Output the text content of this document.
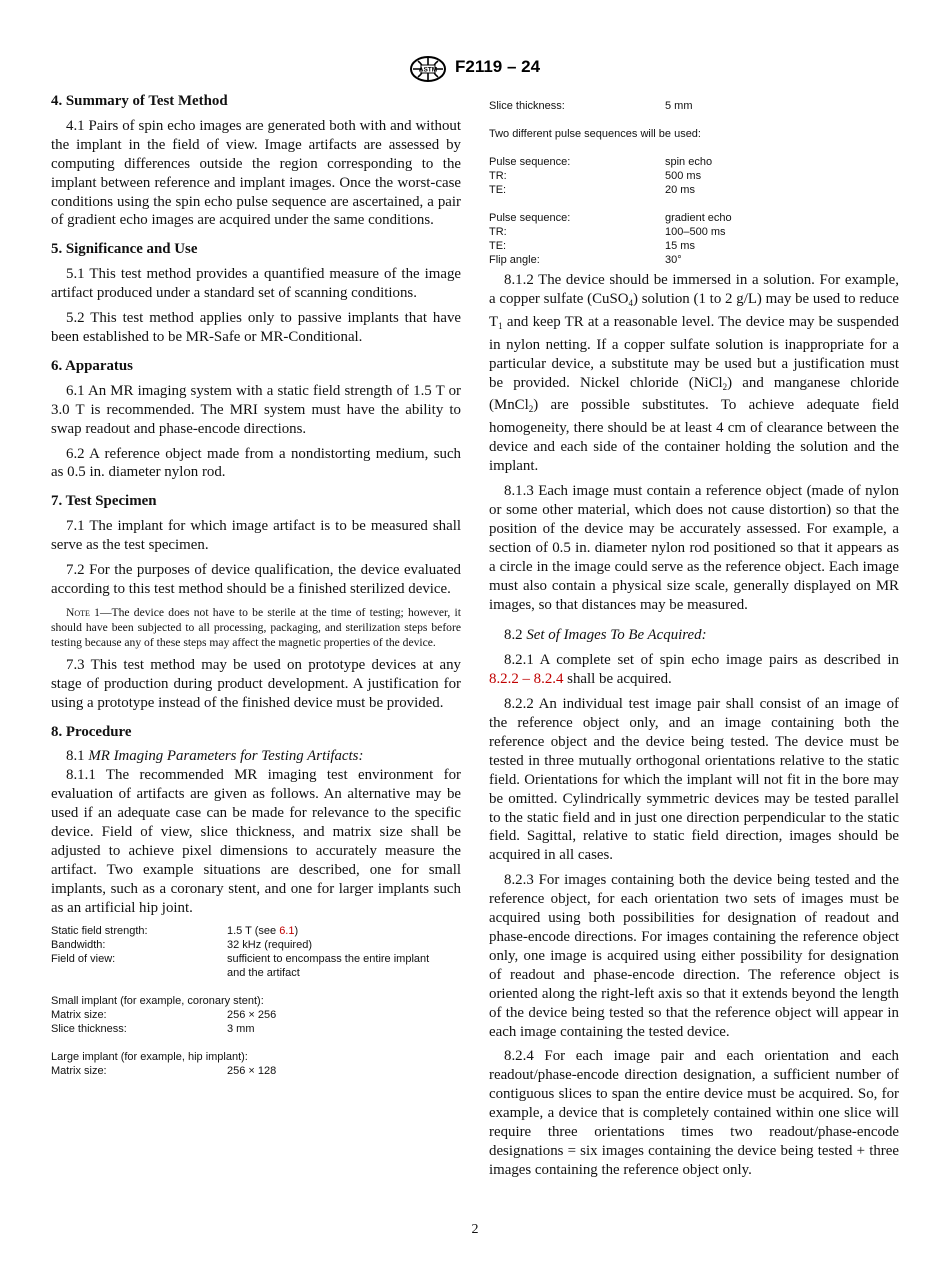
ASTM F2119 – 24
4. Summary of Test Method
4.1 Pairs of spin echo images are generated both with and without the implant in the field of view. Image artifacts are assessed by computing differences outside the region corresponding to the implant between reference and implant images. Once the worst-case conditions using the spin echo pulse sequence are ascertained, a pair of gradient echo images are acquired under the same conditions.
5. Significance and Use
5.1 This test method provides a quantified measure of the image artifact produced under a standard set of scanning conditions.
5.2 This test method applies only to passive implants that have been established to be MR-Safe or MR-Conditional.
6. Apparatus
6.1 An MR imaging system with a static field strength of 1.5 T or 3.0 T is recommended. The MRI system must have the ability to swap readout and phase-encode directions.
6.2 A reference object made from a nondistorting medium, such as 0.5 in. diameter nylon rod.
7. Test Specimen
7.1 The implant for which image artifact is to be measured shall serve as the test specimen.
7.2 For the purposes of device qualification, the device evaluated according to this test method should be a finished sterilized device.
Note 1—The device does not have to be sterile at the time of testing; however, it should have been subjected to all processing, packaging, and sterilization steps before testing because any of these steps may affect the magnetic properties of the device.
7.3 This test method may be used on prototype devices at any stage of production during product development. A justification for using a prototype instead of the finished device must be provided.
8. Procedure
8.1 MR Imaging Parameters for Testing Artifacts:
8.1.1 The recommended MR imaging test environment for evaluation of artifacts are given as follows. An alternative may be used if an adequate case can be made for relevance to the specific device. Field of view, slice thickness, and matrix size shall be adjusted to achieve pixel dimensions to accurately measure the artifact. Two example situations are described, one for small implants, such as a coronary stent, and one for larger implants such as an artificial hip joint.
Static field strength:	1.5 T (see 6.1)
Bandwidth:	32 kHz (required)
Field of view:	sufficient to encompass the entire implant
	and the artifact

Small implant (for example, coronary stent):	
Matrix size:	256 × 256
Slice thickness:	3 mm

Large implant (for example, hip implant):	
Matrix size:	256 × 128
Slice thickness:	5 mm

Two different pulse sequences will be used:	

Pulse sequence:	spin echo
TR:	500 ms
TE:	20 ms

Pulse sequence:	gradient echo
TR:	100–500 ms
TE:	15 ms
Flip angle:	30°
8.1.2 The device should be immersed in a solution. For example, a copper sulfate (CuSO$_4$) solution (1 to 2 g/L) may be used to reduce $T_1$ and keep TR at a reasonable level. The device may be suspended in nylon netting. If a copper sulfate solution is inappropriate for a particular device, a substitute may be used but a justification must be provided. Nickel chloride (NiCl$_2$) and manganese chloride (MnCl$_2$) are possible substitutes. To achieve adequate field homogeneity, there should be at least 4 cm of clearance between the device and each side of the container holding the solution and the implant.
8.1.3 Each image must contain a reference object (made of nylon or some other material, which does not cause distortion) so that the position of the device may be accurately assessed. For example, a section of 0.5 in. diameter nylon rod positioned so that it appears as a circle in the image could serve as the reference object. Each image must also contain a physical size scale, generally displayed on MR images, so that distances may be measured.
8.2 Set of Images To Be Acquired:
8.2.1 A complete set of spin echo image pairs as described in 8.2.2 – 8.2.4 shall be acquired.
8.2.2 An individual test image pair shall consist of an image of the reference object only, and an image containing both the reference object and the device being tested. The device must be tested in three mutually orthogonal orientations relative to the static field. Orientations for which the implant will not fit in the bore may be omitted. Cylindrically symmetric devices may be tested parallel to the static field and in just one direction perpendicular to the static field. Sagittal, relative to static field direction, images should be acquired in all cases.
8.2.3 For images containing both the device being tested and the reference object, for each orientation two sets of images must be acquired using both possibilities for designation of readout and phase-encode directions. For images containing the reference object only, one image is acquired using either possibility for designation of readout and phase-encode direction. The reference object is oriented along the right-left axis so that it extends beyond the length of the device being tested so that the reference object will appear in each image containing the tested device.
8.2.4 For each image pair and each orientation and each readout/phase-encode direction designation, a sufficient number of contiguous slices to span the entire device must be acquired. So, for example, a device that is completely contained within one slice will require three orientations times two readout/phase-encode designations = six images containing the device being tested + three images containing the reference object only.
2
